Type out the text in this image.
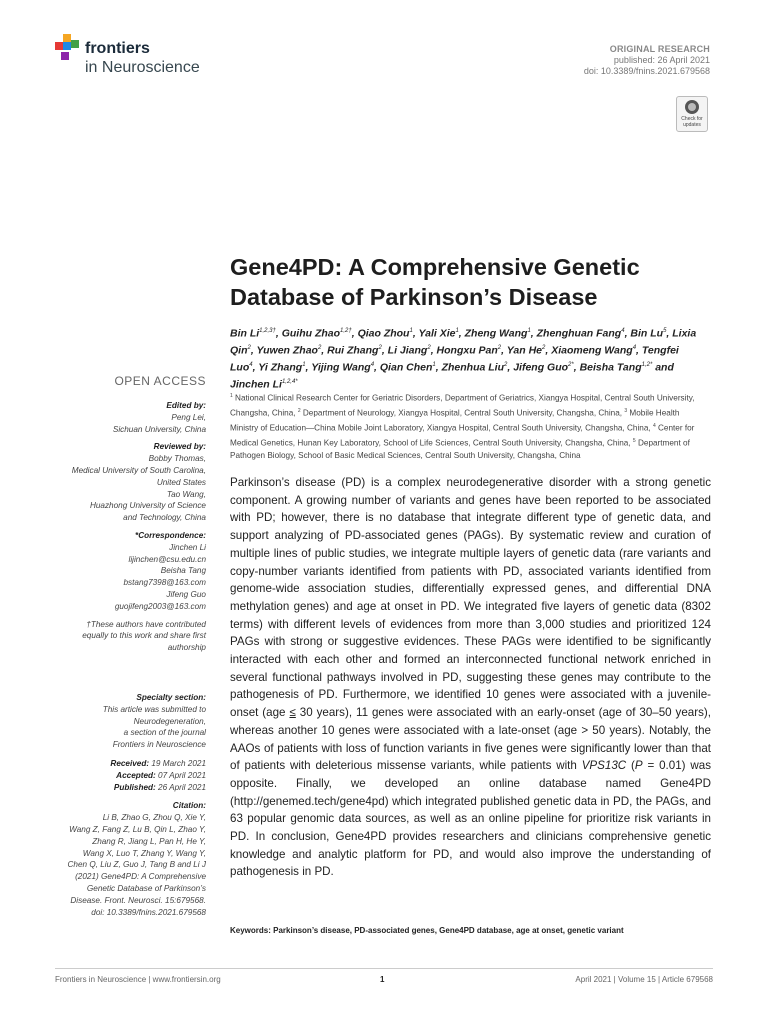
frontiers
in Neuroscience
ORIGINAL RESEARCH
published: 26 April 2021
doi: 10.3389/fnins.2021.679568
Check for updates
Gene4PD: A Comprehensive Genetic
Database of Parkinson’s Disease
Bin $Li^{1,2,3\dagger}$, Guihu Zhao$^{1,2\dagger}$, Qiao Zhou$^1$, Yali Xie$^1$, Zheng Wang$^1$, Zhenghuan Fang$^4$, Bin Lu$^5$, Lixia Qin$^2$, Yuwen Zhao$^2$, Rui Zhang$^2$, Li Jiang$^2$, Hongxu Pan$^2$, Yan He$^2$, Xiaomeng Wang$^4$, Tengfei Luo$^4$, Yi Zhang$^1$, Yijing Wang$^4$, Qian Chen$^1$, Zhenhua Liu$^2$, Jifeng Guo$^{2*}$, Beisha Tang$^{1,2*}$ and Jinchen $Li^{1,2,4*}$
$^1$ National Clinical Research Center for Geriatric Disorders, Department of Geriatrics, Xiangya Hospital, Central South University, Changsha, China, $^2$ Department of Neurology, Xiangya Hospital, Central South University, Changsha, China, $^3$ Mobile Health Ministry of Education—China Mobile Joint Laboratory, Xiangya Hospital, Central South University, Changsha, China, $^4$ Center for Medical Genetics, Hunan Key Laboratory, School of Life Sciences, Central South University, Changsha, China, $^5$ Department of Pathogen Biology, School of Basic Medical Sciences, Central South University, Changsha, China
Parkinson’s disease (PD) is a complex neurodegenerative disorder with a strong genetic component. A growing number of variants and genes have been reported to be associated with PD; however, there is no database that integrate different type of genetic data, and support analyzing of PD-associated genes (PAGs). By systematic review and curation of multiple lines of public studies, we integrate multiple layers of genetic data (rare variants and copy-number variants identified from patients with PD, associated variants identified from genome-wide association studies, differentially expressed genes, and differential DNA methylation genes) and age at onset in PD. We integrated five layers of genetic data (8302 terms) with different levels of evidences from more than 3,000 studies and prioritized 124 PAGs with strong or suggestive evidences. These PAGs were identified to be significantly interacted with each other and formed an interconnected functional network enriched in several functional pathways involved in PD, suggesting these genes may contribute to the pathogenesis of PD. Furthermore, we identified 10 genes were associated with a juvenile-onset (age ≤ 30 years), 11 genes were associated with an early-onset (age of 30–50 years), whereas another 10 genes were associated with a late-onset (age > 50 years). Notably, the AAOs of patients with loss of function variants in five genes were significantly lower than that of patients with deleterious missense variants, while patients with VPS13C (P = 0.01) was opposite. Finally, we developed an online database named Gene4PD (http://genemed.tech/gene4pd) which integrated published genetic data in PD, the PAGs, and 63 popular genomic data sources, as well as an online pipeline for prioritize risk variants in PD. In conclusion, Gene4PD provides researchers and clinicians comprehensive genetic knowledge and analytic platform for PD, and would also improve the understanding of pathogenesis in PD.
Keywords: Parkinson’s disease, PD-associated genes, Gene4PD database, age at onset, genetic variant
OPEN ACCESS
Edited by:
Peng Lei,
Sichuan University, China
Reviewed by:
Bobby Thomas,
Medical University of South Carolina,
United States
Tao Wang,
Huazhong University of Science
and Technology, China
*Correspondence:
Jinchen Li
lijinchen@csu.edu.cn
Beisha Tang
bstang7398@163.com
Jifeng Guo
guojifeng2003@163.com
†These authors have contributed
equally to this work and share first
authorship
Specialty section:
This article was submitted to
Neurodegeneration,
a section of the journal
Frontiers in Neuroscience
Received: 19 March 2021
Accepted: 07 April 2021
Published: 26 April 2021
Citation:
Li B, Zhao G, Zhou Q, Xie Y,
Wang Z, Fang Z, Lu B, Qin L, Zhao Y,
Zhang R, Jiang L, Pan H, He Y,
Wang X, Luo T, Zhang Y, Wang Y,
Chen Q, Liu Z, Guo J, Tang B and Li J
(2021) Gene4PD: A Comprehensive
Genetic Database of Parkinson’s
Disease. Front. Neurosci. 15:679568.
doi: 10.3389/fnins.2021.679568
Frontiers in Neuroscience | www.frontiersin.org	1	April 2021 | Volume 15 | Article 679568
